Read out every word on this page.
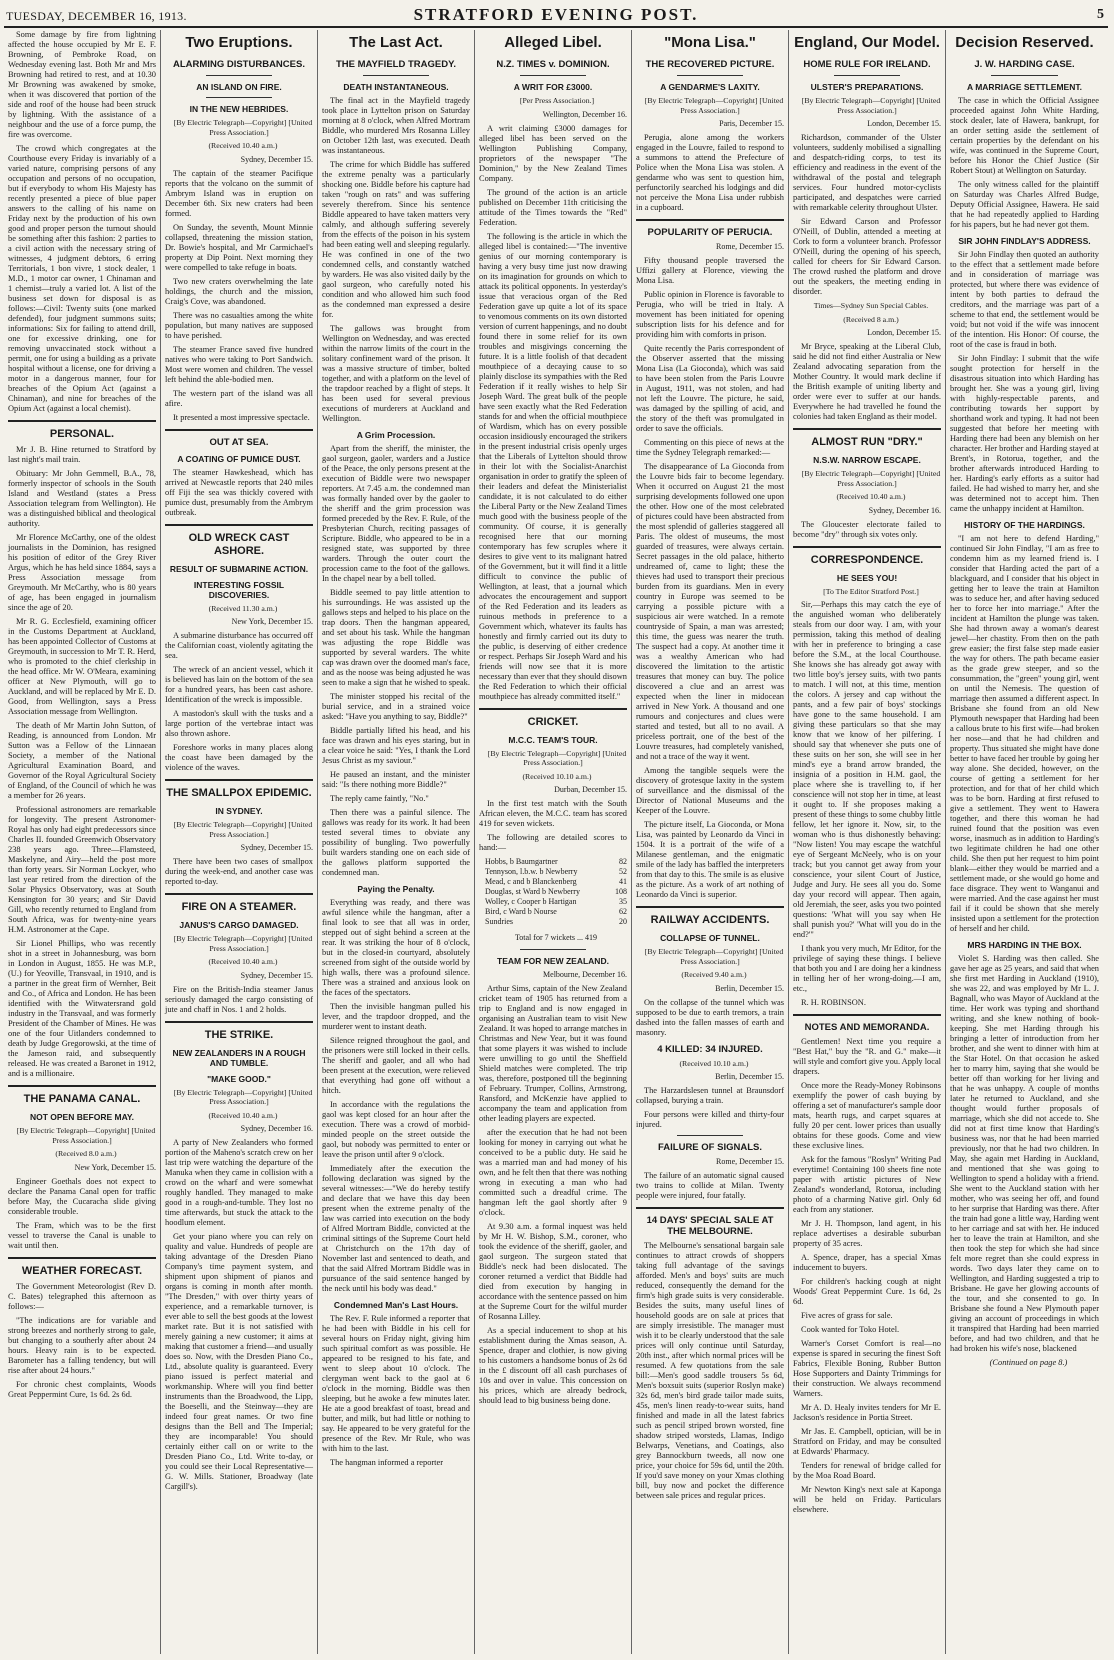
TUESDAY, DECEMBER 16, 1913.	STRATFORD EVENING POST.	5

Some damage by fire from lightning affected the house occupied by Mr E. F. Browning, of Pembroke Road, on Wednesday evening last. Both Mr and Mrs Browning had retired to rest, and at 10.30 Mr Browning was awakened by smoke, when it was discovered that portion of the side and roof of the house had been struck by lightning. With the assistance of a neighbour and the use of a force pump, the fire was overcome.

The crowd which congregates at the Courthouse every Friday is invariably of a varied nature, comprising persons of any occupation and persons of no occupation, but if everybody to whom His Majesty has recently presented a piece of blue paper answers to the calling of his name on Friday next by the production of his own good and proper person the turnout should be something after this fashion: 2 parties to a civil action with the necessary string of witnesses, 4 judgment debtors, 6 erring Territorials, 1 bon vivre, 1 stock dealer, 1 M.D., 1 motor car owner, 1 Chinaman and 1 chemist—truly a varied lot. A list of the business set down for disposal is as follows:—Civil: Twenty suits (one marked defended), four judgment summons suits; informations: Six for failing to attend drill, one for excessive drinking, one for removing unvaccinated stock without a permit, one for using a building as a private hospital without a license, one for driving a motor in a dangerous manner, four for breaches of the Opium Act (against a Chinaman), and nine for breaches of the Opium Act (against a local chemist).

PERSONAL.

Mr J. B. Hine returned to Stratford by last night's mail train.

Obituary: Mr John Gemmell, B.A., 78, formerly inspector of schools in the South Island and Westland (states a Press Association telegram from Wellington). He was a distinguished biblical and theological authority.

Mr Florence McCarthy, one of the oldest journalists in the Dominion, has resigned his position of editor of the Grey River Argus, which he has held since 1884, says a Press Association message from Greymouth. Mr McCarthy, who is 80 years of age, has been engaged in journalism since the age of 20.

Mr R. G. Ecclesfield, examining officer in the Customs Department at Auckland, has been appointed Collector of Customs at Greymouth, in succession to Mr T. R. Herd, who is promoted to the chief clerkship in the head office. Mr W. O'Meara, examining officer at New Plymouth, will go to Auckland, and will be replaced by Mr E. D. Good, from Wellington, says a Press Association message from Wellington.

The death of Mr Martin John Sutton, of Reading, is announced from London. Mr Sutton was a Fellow of the Linnaean Society, a member of the National Agricultural Examination Board, and Governor of the Royal Agricultural Society of England, of the Council of which he was a member for 26 years.

Professional astronomers are remarkable for longevity. The present Astronomer-Royal has only had eight predecessors since Charles II. founded Greenwich Observatory 238 years ago. Three—Flamsteed, Maskelyne, and Airy—held the post more than forty years. Sir Norman Lockyer, who last year retired from the direction of the Solar Physics Observatory, was at South Kensington for 30 years; and Sir David Gill, who recently returned to England from South Africa, was for twenty-nine years H.M. Astronomer at the Cape.

Sir Lionel Phillips, who was recently shot in a street in Johannesburg, was born in London in August, 1855. He was M.P., (U.) for Yeoville, Transvaal, in 1910, and is a partner in the great firm of Wernher, Beit and Co., of Africa and London. He has been identified with the Witwatersrand gold industry in the Transvaal, and was formerly President of the Chamber of Mines. He was one of the four Uitlanders condemned to death by Judge Gregorowski, at the time of the Jameson raid, and subsequently released. He was created a Baronet in 1912, and is a millionaire.

THE PANAMA CANAL.
NOT OPEN BEFORE MAY.

[By Electric Telegraph—Copyright] [United Press Association.]

(Received 8.0 a.m.)

New York, December 15.

Engineer Goethals does not expect to declare the Panama Canal open for traffic before May, the Cucaracha slide giving considerable trouble.

The Fram, which was to be the first vessel to traverse the Canal is unable to wait until then.

WEATHER FORECAST.

The Government Meteorologist (Rev D. C. Bates) telegraphed this afternoon as follows:—

"The indications are for variable and strong breezes and northerly strong to gale, but changing to a southerly after about 24 hours. Heavy rain is to be expected. Barometer has a falling tendency, but will rise after about 24 hours."

For chronic chest complaints, Woods Great Peppermint Cure, 1s 6d. 2s 6d.

Two Eruptions.
ALARMING DISTURBANCES.
AN ISLAND ON FIRE.
IN THE NEW HEBRIDES.

[By Electric Telegraph—Copyright] [United Press Association.]

(Received 10.40 a.m.)

Sydney, December 15.

The captain of the steamer Pacifique reports that the volcano on the summit of Ambrym Island was in eruption on December 6th. Six new craters had been formed.

On Sunday, the seventh, Mount Minnie collapsed, threatening the mission station, Dr. Bowie's hospital, and Mr Carmichael's property at Dip Point. Next morning they were compelled to take refuge in boats.

Two new craters overwhelming the late holdings, the church and the mission, Craig's Cove, was abandoned.

There was no casualties among the white population, but many natives are supposed to have perished.

The steamer France saved five hundred natives who were taking to Port Sandwich. Most were women and children. The vessel left behind the able-bodied men.

The western part of the island was all afire.

It presented a most impressive spectacle.

OUT AT SEA.
A COATING OF PUMICE DUST.

The steamer Hawkeshead, which has arrived at Newcastle reports that 240 miles off Fiji the sea was thickly covered with pumice dust, presumably from the Ambrym outbreak.

OLD WRECK CAST ASHORE.
RESULT OF SUBMARINE ACTION.
INTERESTING FOSSIL DISCOVERIES.

(Received 11.30 a.m.)

New York, December 15.

A submarine disturbance has occurred off the Californian coast, violently agitating the sea.

The wreck of an ancient vessel, which it is believed has lain on the bottom of the sea for a hundred years, has been cast ashore. Identification of the wreck is impossible.

A mastodon's skull with the tusks and a large portion of the vertebrae intact was also thrown ashore.

Foreshore works in many places along the coast have been damaged by the violence of the waves.

THE SMALLPOX EPIDEMIC.
IN SYDNEY.

[By Electric Telegraph—Copyright] [United Press Association.]

Sydney, December 15.

There have been two cases of smallpox during the week-end, and another case was reported to-day.

FIRE ON A STEAMER.
JANUS'S CARGO DAMAGED.

[By Electric Telegraph—Copyright] [United Press Association.]

(Received 10.40 a.m.)

Sydney, December 15.

Fire on the British-India steamer Janus seriously damaged the cargo consisting of jute and chaff in Nos. 1 and 2 holds.

THE STRIKE.
NEW ZEALANDERS IN A ROUGH AND TUMBLE.
"MAKE GOOD."

[By Electric Telegraph—Copyright] [United Press Association.]

(Received 10.40 a.m.)

Sydney, December 16.

A party of New Zealanders who formed portion of the Maheno's scratch crew on her last trip were watching the departure of the Manuka when they came in collision with a crowd on the wharf and were somewhat roughly handled. They managed to make good in a rough-and-tumble. They lost no time afterwards, but stuck the attack to the hoodlum element.

Get your piano where you can rely on quality and value. Hundreds of people are taking advantage of the Dresden Piano Company's time payment system, and shipment upon shipment of pianos and organs is coming in month after month. "The Dresden," with over thirty years of experience, and a remarkable turnover, is ever able to sell the best goods at the lowest market rate. But it is not satisfied with merely gaining a new customer; it aims at making that customer a friend—and usually does so. Now, with the Dresden Piano Co., Ltd., absolute quality is guaranteed. Every piano issued is perfect material and workmanship. Where will you find better instruments than the Broadwood, the Lipp, the Boeselli, and the Steinway—they are indeed four great names. Or two fine designs than the Bell and The Imperial; they are incomparable! You should certainly either call on or write to the Dresden Piano Co., Ltd. Write to-day, or you could see their Local Representative—G. W. Mills. Stationer, Broadway (late Cargill's).

The Last Act.
THE MAYFIELD TRAGEDY.
DEATH INSTANTANEOUS.

The final act in the Mayfield tragedy took place in Lyttelton prison on Saturday morning at 8 o'clock, when Alfred Mortram Biddle, who murdered Mrs Rosanna Lilley on October 12th last, was executed. Death was instantaneous.

The crime for which Biddle has suffered the extreme penalty was a particularly shocking one. Biddle before his capture had taken "rough on rats" and was suffering severely therefrom. Since his sentence Biddle appeared to have taken matters very calmly, and although suffering severely from the effects of the poison in his system had been eating well and sleeping regularly. He was confined in one of the two condemned cells, and constantly watched by warders. He was also visited daily by the gaol surgeon, who carefully noted his condition and who allowed him such food as the condemned man expressed a desire for.

The gallows was brought from Wellington on Wednesday, and was erected within the narrow limits of the court in the solitary confinement ward of the prison. It was a massive structure of timber, bolted together, and with a platform on the level of the trapdoor reached by a flight of steps. It has been used for several previous executions of murderers at Auckland and Wellington.

A Grim Procession.

Apart from the sheriff, the minister, the gaol surgeon, gaoler, warders and a Justice of the Peace, the only persons present at the execution of Biddle were two newspaper reporters. At 7.45 a.m. the condemned man was formally handed over by the gaoler to the sheriff and the grim procession was formed preceded by the Rev. F. Rule, of the Presbyterian Church, reciting passages of Scripture. Biddle, who appeared to be in a resigned state, was supported by three warders. Through the outer court the procession came to the foot of the gallows. In the chapel near by a bell tolled.

Biddle seemed to pay little attention to his surroundings. He was assisted up the gallows steps and helped to his place on the trap doors. Then the hangman appeared, and set about his task. While the hangman was adjusting the rope Biddle was supported by several warders. The white cap was drawn over the doomed man's face, and as the noose was being adjusted he was seen to make a sign that he wished to speak.

The minister stopped his recital of the burial service, and in a strained voice asked: "Have you anything to say, Biddle?"

Biddle partially lifted his head, and his face was drawn and his eyes staring, but in a clear voice he said: "Yes, I thank the Lord Jesus Christ as my saviour."

He paused an instant, and the minister said: "Is there nothing more Biddle?"

The reply came faintly, "No."

Then there was a painful silence. The gallows was ready for its work. It had been tested several times to obviate any possibility of bungling. Two powerfully built warders standing one on each side of the gallows platform supported the condemned man.

Paying the Penalty.

Everything was ready, and there was awful silence while the hangman, after a final look to see that all was in order, stepped out of sight behind a screen at the rear. It was striking the hour of 8 o'clock, but in the closed-in courtyard, absolutely screened from sight of the outside world by high walls, there was a profound silence. There was a strained and anxious look on the faces of the spectators.

Then the invisible hangman pulled his lever, and the trapdoor dropped, and the murderer went to instant death.

Silence reigned throughout the gaol, and the prisoners were still locked in their cells. The sheriff and gaoler, and all who had been present at the execution, were relieved that everything had gone off without a hitch.

In accordance with the regulations the gaol was kept closed for an hour after the execution. There was a crowd of morbid-minded people on the street outside the gaol, but nobody was permitted to enter or leave the prison until after 9 o'clock.

Immediately after the execution the following declaration was signed by the several witnesses:—"We do hereby testify and declare that we have this day been present when the extreme penalty of the law was carried into execution on the body of Alfred Mortram Biddle, convicted at the criminal sittings of the Supreme Court held at Christchurch on the 17th day of November last and sentenced to death, and that the said Alfred Mortram Biddle was in pursuance of the said sentence hanged by the neck until his body was dead."

Condemned Man's Last Hours.

The Rev. F. Rule informed a reporter that he had been with Biddle in his cell for several hours on Friday night, giving him such spiritual comfort as was possible. He appeared to be resigned to his fate, and went to sleep about 10 o'clock. The clergyman went back to the gaol at 6 o'clock in the morning. Biddle was then sleeping, but he awoke a few minutes later. He ate a good breakfast of toast, bread and butter, and milk, but had little or nothing to say. He appeared to be very grateful for the presence of the Rev. Mr Rule, who was with him to the last.

The hangman informed a reporter

Alleged Libel.
N.Z. TIMES v. DOMINION.
A WRIT FOR £3000.

[Per Press Association.]

Wellington, December 16.

A writ claiming £3000 damages for alleged libel has been served on the Wellington Publishing Company, proprietors of the newspaper "The Dominion," by the New Zealand Times Company.

The ground of the action is an article published on December 11th criticising the attitude of the Times towards the "Red" Federation.

The following is the article in which the alleged libel is contained:—"The inventive genius of our morning contemporary is having a very busy time just now drawing on its imagination for grounds on which to attack its political opponents. In yesterday's issue that veracious organ of the Red Federation gave up quite a lot of its space to venomous comments on its own distorted version of current happenings, and no doubt found there in some relief for its own troubles and misgivings concerning the future. It is a little foolish of that decadent mouthpiece of a decaying cause to so plainly disclose its sympathies with the Red Federation if it really wishes to help Sir Joseph Ward. The great bulk of the people have seen exactly what the Red Federation stands for and when the official mouthpiece of Wardism, which has on every possible occasion insidiously encouraged the strikers in the present industrial crisis openly urges that the Liberals of Lyttelton should throw in their lot with the Socialist-Anarchist organisation in order to gratify the spleen of their leaders and defeat the Ministerialist candidate, it is not calculated to do either the Liberal Party or the New Zealand Times much good with the business people of the community. Of course, it is generally recognised here that our morning contemporary has few scruples where it desires to give vent to its malignant hatred of the Government, but it will find it a little difficult to convince the public of Wellington, at least, that a journal which advocates the encouragement and support of the Red Federation and its leaders as ruinous methods in preference to a Government which, whatever its faults has honestly and firmly carried out its duty to the public, is deserving of either credence or respect. Perhaps Sir Joseph Ward and his friends will now see that it is more necessary than ever that they should disown the Red Federation to which their official mouthpiece has already committed itself."

CRICKET.
M.C.C. TEAM'S TOUR.

[By Electric Telegraph—Copyright] [United Press Association.]

(Received 10.10 a.m.)

Durban, December 15.

In the first test match with the South African eleven, the M.C.C. team has scored 419 for seven wickets.

The following are detailed scores to hand:—

Hobbs, b Baumgartner	82
Tennyson, l.b.w. b Newberry	52
Mead, c and b Blanckenberg	41
Douglas, st Ward b Newberry	108
Wolley, c Cooper b Hartigan	35
Bird, c Ward b Nourse	62
Sundries	20
Total for 7 wickets ... 419
TEAM FOR NEW ZEALAND.

Melbourne, December 16.

Arthur Sims, captain of the New Zealand cricket team of 1905 has returned from a trip to England and is now engaged in organising an Australian team to visit New Zealand. It was hoped to arrange matches in Christmas and New Year, but it was found that some players it was wished to include were unwilling to go until the Sheffield Shield matches were completed. The trip was, therefore, postponed till the beginning of February. Trumper, Collins, Armstrong, Ransford, and McKenzie have applied to accompany the team and application from other leading players are expected.

after the execution that he had not been looking for money in carrying out what he conceived to be a public duty. He said he was a married man and had money of his own, and he felt then that there was nothing wrong in executing a man who had committed such a dreadful crime. The hangman left the gaol shortly after 9 o'clock.

At 9.30 a.m. a formal inquest was held by Mr H. W. Bishop, S.M., coroner, who took the evidence of the sheriff, gaoler, and gaol surgeon. The surgeon stated that Biddle's neck had been dislocated. The coroner returned a verdict that Biddle had died from execution by hanging in accordance with the sentence passed on him at the Supreme Court for the wilful murder of Rosanna Lilley.

As a special inducement to shop at his establishment during the Xmas season, A. Spence, draper and clothier, is now giving to his customers a handsome bonus of 2s 6d in the £ discount off all cash purchases of 10s and over in value. This concession on his prices, which are already bedrock, should lead to big business being done.

"Mona Lisa."
THE RECOVERED PICTURE.
A GENDARME'S LAXITY.

[By Electric Telegraph—Copyright] [United Press Association.]

Paris, December 15.

Perugia, alone among the workers engaged in the Louvre, failed to respond to a summons to attend the Prefecture of Police when the Mona Lisa was stolen. A gendarme who was sent to question him, perfunctorily searched his lodgings and did not perceive the Mona Lisa under rubbish in a cupboard.

POPULARITY OF PERUCIA.

Rome, December 15.

Fifty thousand people traversed the Uffizi gallery at Florence, viewing the Mona Lisa.

Public opinion in Florence is favorable to Perugia, who will be tried in Italy. A movement has been initiated for opening subscription lists for his defence and for providing him with comforts in prison.

Quite recently the Paris correspondent of the Observer asserted that the missing Mona Lisa (La Gioconda), which was said to have been stolen from the Paris Louvre in August, 1911, was not stolen, and had not left the Louvre. The picture, he said, was damaged by the spilling of acid, and the story of the theft was promulgated in order to save the officials.

Commenting on this piece of news at the time the Sydney Telegraph remarked:—

The disappearance of La Gioconda from the Louvre bids fair to become legendary. When it occurred on August 21 the most surprising developments followed one upon the other. How one of the most celebrated of pictures could have been abstracted from the most splendid of galleries staggered all Paris. The oldest of museums, the most guarded of treasures, were always certain. Secret passages in the old palace, hitherto undreamed of, came to light; these the thieves had used to transport their precious burden from its guardians. Men in every country in Europe was seemed to be carrying a possible picture with a suspicious air were watched. In a remote countryside of Spain, a man was arrested; this time, the guess was nearer the truth. The suspect had a copy. At another time it was a wealthy American who had discovered the limitation to the artistic treasures that money can buy. The police discovered a clue and an arrest was expected when the liner in midocean arrived in New York. A thousand and one rumours and conjectures and clues were started and tested, but all to no avail. A priceless portrait, one of the best of the Louvre treasures, had completely vanished, and not a trace of the way it went.

Among the tangible sequels were the discovery of grotesque laxity in the system of surveillance and the dismissal of the Director of National Museums and the Keeper of the Louvre.

The picture itself, La Gioconda, or Mona Lisa, was painted by Leonardo da Vinci in 1504. It is a portrait of the wife of a Milanese gentleman, and the enigmatic smile of the lady has baffled the interpreters from that day to this. The smile is as elusive as the picture. As a work of art nothing of Leonardo da Vinci is superior.

RAILWAY ACCIDENTS.
COLLAPSE OF TUNNEL.

[By Electric Telegraph—Copyright] [United Press Association.]

(Received 9.40 a.m.)

Berlin, December 15.

On the collapse of the tunnel which was supposed to be due to earth tremors, a train dashed into the fallen masses of earth and masonry.

4 KILLED: 34 INJURED.

(Received 10.10 a.m.)

Berlin, December 15.

The Harzardslesen tunnel at Braunsdorf collapsed, burying a train.

Four persons were killed and thirty-four injured.

FAILURE OF SIGNALS.

Rome, December 15.

The failure of an automatic signal caused two trains to collide at Milan. Twenty people were injured, four fatally.

14 DAYS' SPECIAL SALE AT THE MELBOURNE.

The Melbourne's sensational bargain sale continues to attract crowds of shoppers taking full advantage of the savings afforded. Men's and boys' suits are much reduced, consequently the demand for the firm's high grade suits is very considerable. Besides the suits, many useful lines of household goods are on sale at prices that are simply irresistible. The manager must wish it to be clearly understood that the sale prices will only continue until Saturday, 20th inst., after which normal prices will be resumed. A few quotations from the sale bill:—Men's good saddle trousers 5s 6d, Men's boxsuit suits (superior Roslyn make) 32s 6d, men's bird grade tailor made suits, 45s, men's linen ready-to-wear suits, hand finished and made in all the latest fabrics such as pencil striped brown worsted, fine shadow striped worsteds, Llamas, Indigo Belwarps, Venetians, and Coatings, also grey Bannockburn tweeds, all now one price, your choice for 59s 6d, until the 20th. If you'd save money on your Xmas clothing bill, buy now and pocket the difference between sale prices and regular prices.

England, Our Model.
HOME RULE FOR IRELAND.
ULSTER'S PREPARATIONS.

[By Electric Telegraph—Copyright] [United Press Association.]

London, December 15.

Richardson, commander of the Ulster volunteers, suddenly mobilised a signalling and despatch-riding corps, to test its efficiency and readiness in the event of the withdrawal of the postal and telegraph services. Four hundred motor-cyclists participated, and despatches were carried with remarkable celerity throughout Ulster.

Sir Edward Carson and Professor O'Neill, of Dublin, attended a meeting at Cork to form a volunteer branch. Professor O'Neill, during the opening of his speech, called for cheers for Sir Edward Carson. The crowd rushed the platform and drove out the speakers, the meeting ending in disorder.

Times—Sydney Sun Special Cables.

(Received 8 a.m.)

London, December 15.

Mr Bryce, speaking at the Liberal Club, said he did not find either Australia or New Zealand advocating separation from the Mother Country. It would mark decline if the British example of uniting liberty and order were ever to suffer at our hands. Everywhere he had travelled he found the colonies had taken England as their model.

ALMOST RUN "DRY."
N.S.W. NARROW ESCAPE.

[By Electric Telegraph—Copyright] [United Press Association.]

(Received 10.40 a.m.)

Sydney, December 16.

The Gloucester electorate failed to become "dry" through six votes only.

CORRESPONDENCE.
HE SEES YOU!

[To The Editor Stratford Post.]

Sir,—Perhaps this may catch the eye of the anguished woman who deliberately steals from our door way. I am, with your permission, taking this method of dealing with her in preference to bringing a case before the S.M., at the local Courthouse. She knows she has already got away with two little boy's jersey suits, with two pants to match. I will not, at this time, mention the colors. A jersey and cap without the pants, and a few pair of boys' stockings have gone to the same household. I am giving these particulars so that she may know that we know of her pilfering. I should say that whenever she puts one of these suits on her son, she will see in her mind's eye a brand arrow branded, the insignia of a position in H.M. gaol, the place where she is travelling to, if her conscience will not stop her in time, at least it ought to. If she proposes making a present of these things to some chubby little fellow, let her ignore it. Now, sir, to the woman who is thus dishonestly behaving: "Now listen! You may escape the watchful eye of Sergeant McNeely, who is on your track; but you cannot get away from your conscience, your silent Court of Justice, Judge and Jury. He sees all you do. Some day your record will appear. Then again, old Jeremiah, the seer, asks you two pointed questions: 'What will you say when He shall punish you?' 'What will you do in the end?'"

I thank you very much, Mr Editor, for the privilege of saying these things. I believe that both you and I are doing her a kindness in telling her of her wrong-doing.—I am, etc.,

R. H. ROBINSON.

NOTES AND MEMORANDA.

Gentlemen! Next time you require a "Best Hat," buy the "R. and G." make—it will style and comfort give you. Apply local drapers.

Once more the Ready-Money Robinsons exemplify the power of cash buying by offering a set of manufacturer's sample door mats, hearth rugs, and carpet squares at fully 20 per cent. lower prices than usually obtains for these goods. Come and view these exclusive lines.

Ask for the famous "Roslyn" Writing Pad everytime! Containing 100 sheets fine note paper with artistic pictures of New Zealand's wonderland, Rotorua, including photo of a charming Native girl. Only 6d each from any stationer.

Mr J. H. Thompson, land agent, in his replace advertises a desirable suburban property of 35 acres.

A. Spence, draper, has a special Xmas inducement to buyers.

For children's hacking cough at night Woods' Great Peppermint Cure. 1s 6d, 2s 6d.

Five acres of grass for sale.

Cook wanted for Toko Hotel.

Warner's Corset Comfort is real—no expense is spared in securing the finest Soft Fabrics, Flexible Boning, Rubber Button Hose Supporters and Dainty Trimmings for their construction. We always recommend Warners.

Mr A. D. Healy invites tenders for Mr E. Jackson's residence in Portia Street.

Mr Jas. E. Campbell, optician, will be in Stratford on Friday, and may be consulted at Edwards' Pharmacy.

Tenders for renewal of bridge called for by the Moa Road Board.

Mr Newton King's next sale at Kaponga will be held on Friday. Particulars elsewhere.

Decision Reserved.
J. W. HARDING CASE.
A MARRIAGE SETTLEMENT.

The case in which the Official Assignee proceeded against John White Harding, stock dealer, late of Hawera, bankrupt, for an order setting aside the settlement of certain properties by the defendant on his wife, was continued in the Supreme Court, before his Honor the Chief Justice (Sir Robert Stout) at Wellington on Saturday.

The only witness called for the plaintiff on Saturday was Charles Alfred Budge, Deputy Official Assignee, Hawera. He said that he had repeatedly applied to Harding for his papers, but he had never got them.

SIR JOHN FINDLAY'S ADDRESS.

Sir John Findlay then quoted an authority to the effect that a settlement made before and in consideration of marriage was protected, but where there was evidence of intent by both parties to defraud the creditors, and the marriage was part of a scheme to that end, the settlement would be void; but not void if the wife was innocent of the intention. His Honor: Of course, the root of the case is fraud in both.

Sir John Findlay: I submit that the wife sought protection for herself in the disastrous situation into which Harding has brought her. She was a young girl, living with highly-respectable parents, and contributing towards her support by shorthand work and typing. It had not been suggested that before her meeting with Harding there had been any blemish on her character. Her brother and Harding stayed at Brent's, in Rotorua, together, and the brother afterwards introduced Harding to her. Harding's early efforts as a suitor had failed. He had wished to marry her, and she was determined not to accept him. Then came the unhappy incident at Hamilton.

HISTORY OF THE HARDINGS.

"I am not here to defend Harding," continued Sir John Findlay, "I am as free to condemn him as my learned friend is. I consider that Harding acted the part of a blackguard, and I consider that his object in getting her to leave the train at Hamilton was to seduce her, and after having seduced her to force her into marriage." After the incident at Hamilton the plunge was taken. She had thrown away a woman's dearest jewel—her chastity. From then on the path grew easier; the first false step made easier the way for others. The path became easier as the grade grew steeper, and so the consummation, the "green" young girl, went on until the Nemesis. The question of marriage then assumed a different aspect. In Brisbane she found from an old New Plymouth newspaper that Harding had been a callous brute to his first wife—had broken her nose—and that he had children and property. Thus situated she might have done better to have faced her trouble by going her way alone. She decided, however, on the course of getting a settlement for her protection, and for that of her child which was to be born. Harding at first refused to give a settlement. They went to Hawera together, and there this woman he had ruined found that the position was even worse, inasmuch as in addition to Harding's two legitimate children he had one other child. She then put her request to him point blank—either they would be married and a settlement made, or she would go home and face disgrace. They went to Wanganui and were married. And the case against her must fail if it could be shown that she merely insisted upon a settlement for the protection of herself and her child.

MRS HARDING IN THE BOX.

Violet S. Harding was then called. She gave her age as 25 years, and said that when she first met Harding in Auckland (1910), she was 22, and was employed by Mr L. J. Bagnall, who was Mayor of Auckland at the time. Her work was typing and shorthand writing, and she knew nothing of book-keeping. She met Harding through his bringing a letter of introduction from her brother, and she went to dinner with him at the Star Hotel. On that occasion he asked her to marry him, saying that she would be better off than working for her living and that he was unhappy. A couple of months later he returned to Auckland, and she thought would further proposals of marriage, which she did not accede to. She did not at first time know that Harding's business was, nor that he had been married previously, nor that he had two children. In May, she again met Harding in Auckland, and mentioned that she was going to Wellington to spend a holiday with a friend. She went to the Auckland station with her mother, who was seeing her off, and found to her surprise that Harding was there. After the train had gone a little way, Harding went to her carriage and sat with her. He induced her to leave the train at Hamilton, and she then took the step for which she had since felt more regret than she could express in words. Two days later they came on to Wellington, and Harding suggested a trip to Brisbane. He gave her glowing accounts of the tour, and she consented to go. In Brisbane she found a New Plymouth paper giving an account of proceedings in which it transpired that Harding had been married before, and had two children, and that he had broken his wife's nose, blackened

(Continued on page 8.)
